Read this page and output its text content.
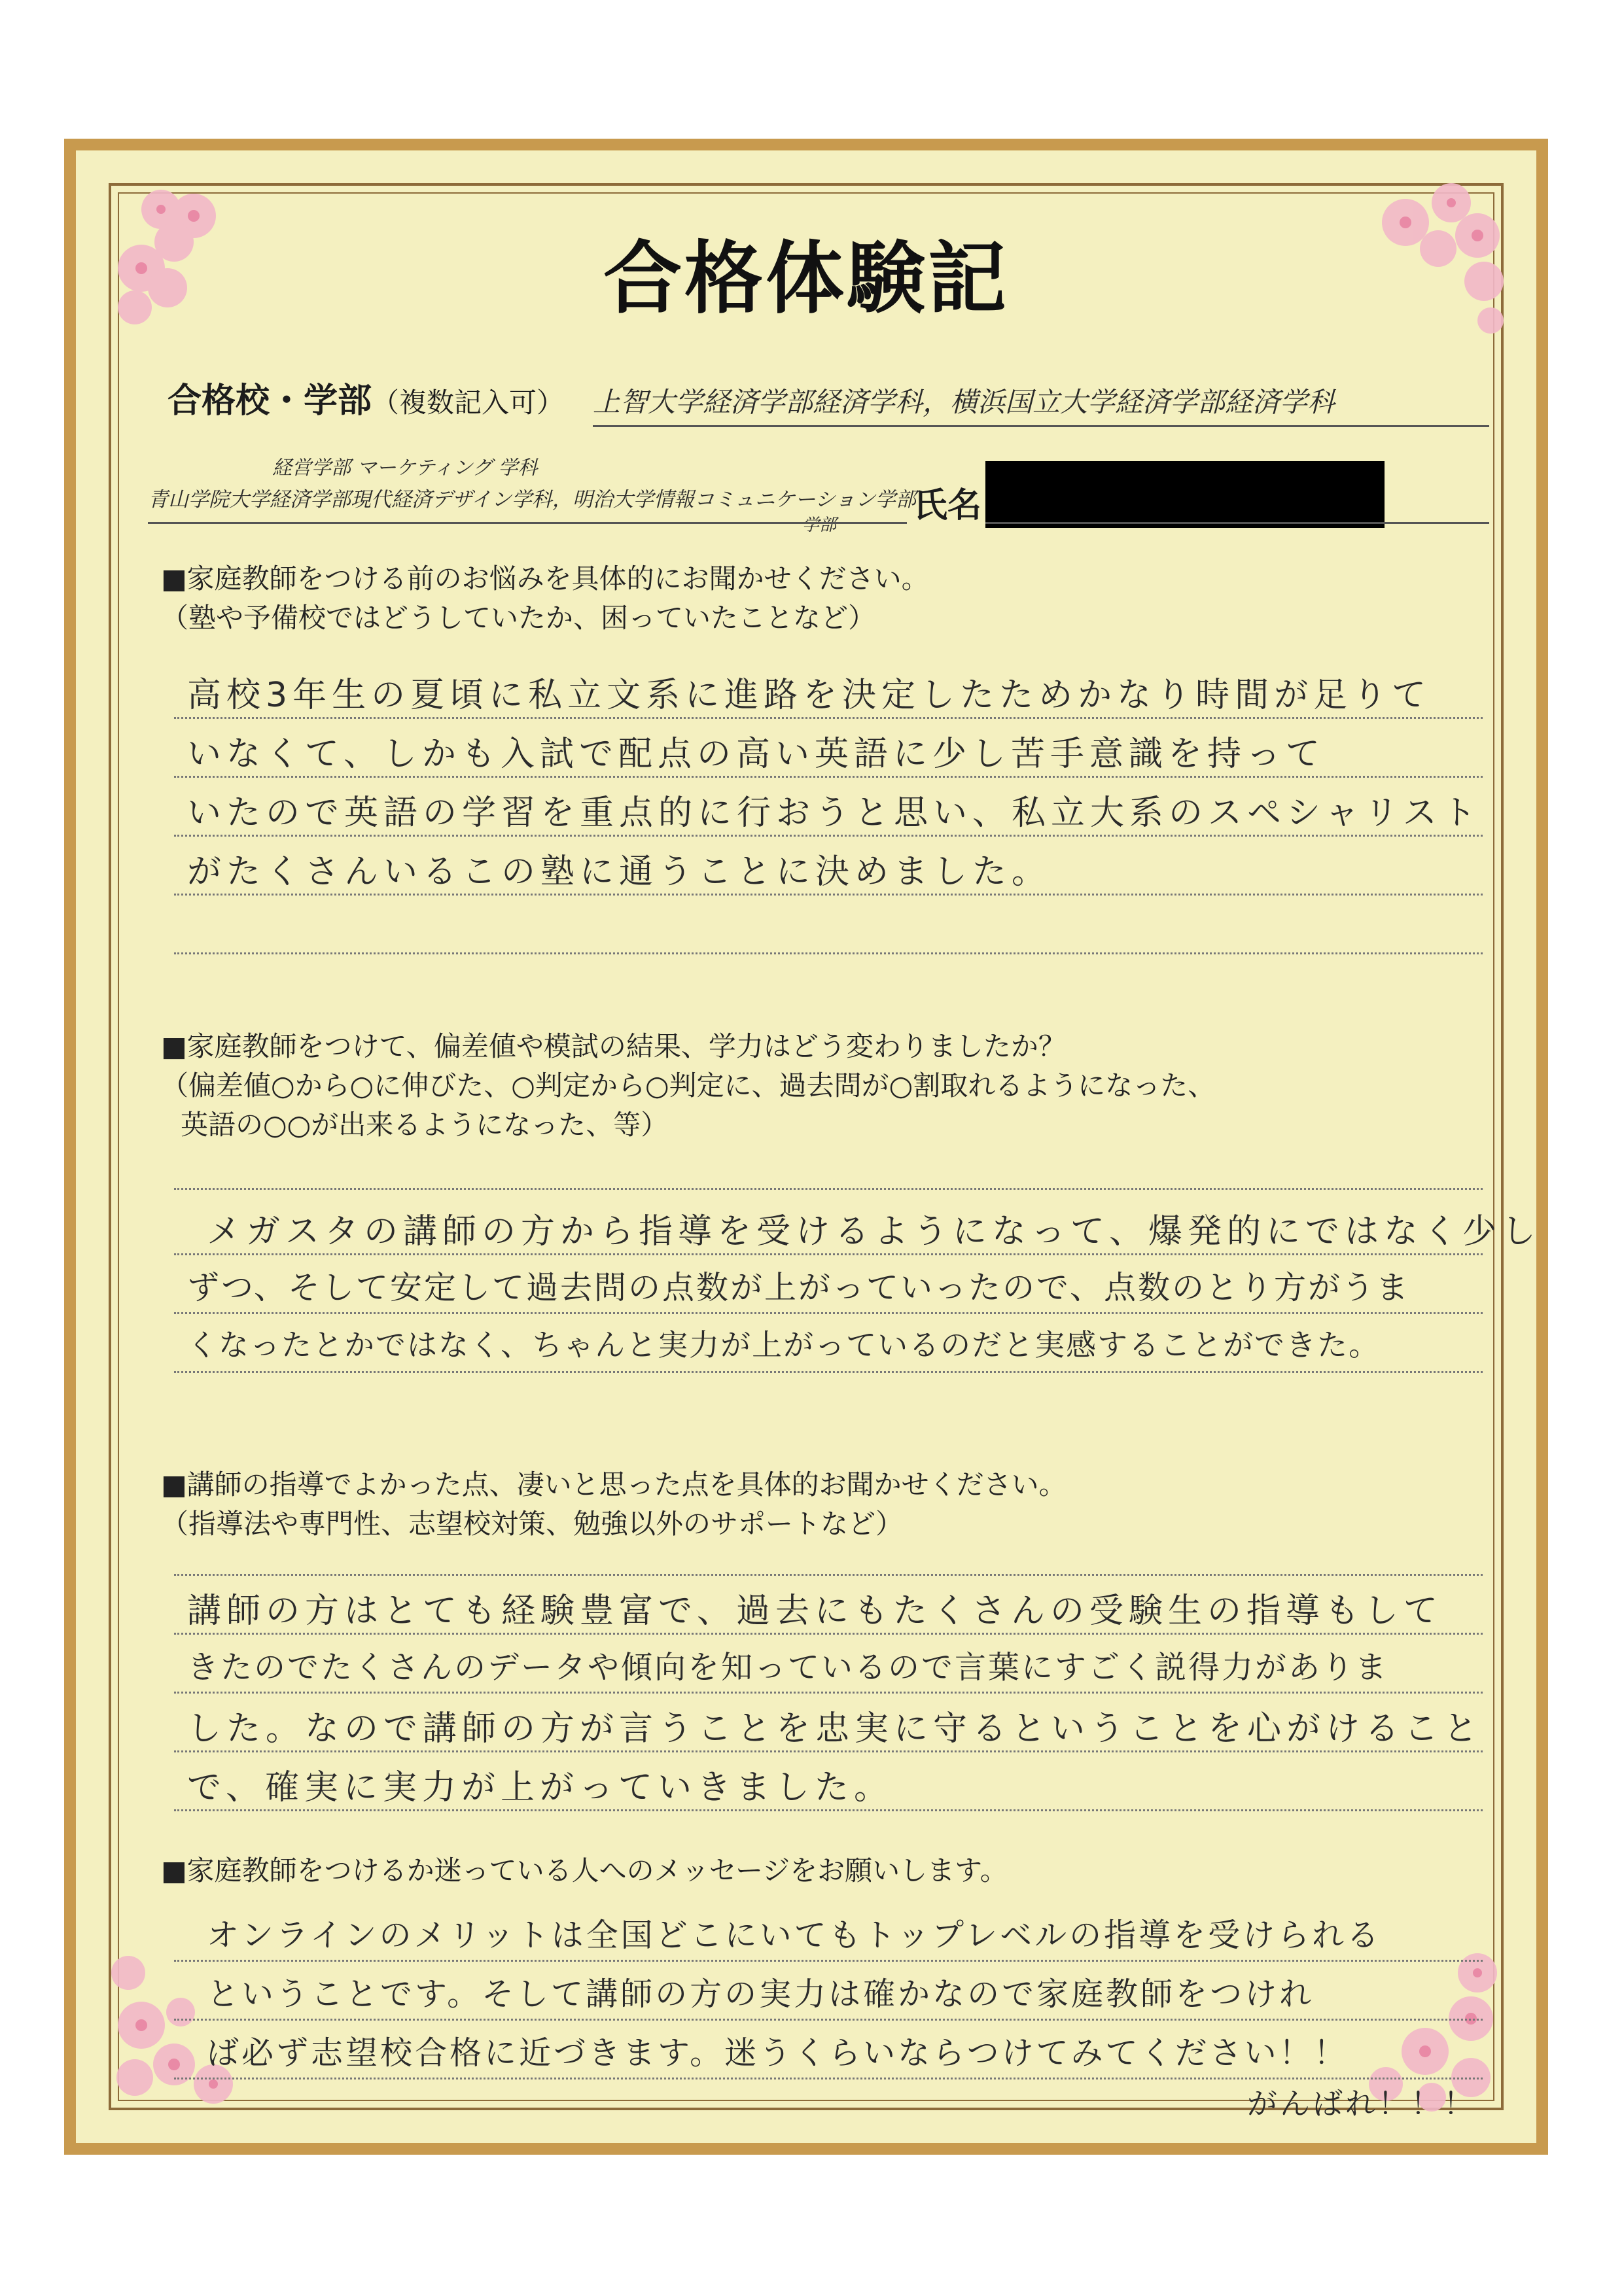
合格体験記
合格校・学部（複数記入可） 上智大学経済学部経済学科，横浜国立大学経済学部経済学科
経営学部 マーケティング 学科
青山学院大学経済学部現代経済デザイン学科，明治大学情報コミュニケーション学部
学部 氏名
■家庭教師をつける前のお悩みを具体的にお聞かせください。
（塾や予備校ではどうしていたか、困っていたことなど）
高校3年生の夏頃に私立文系に進路を決定したためかなり時間が足りて
いなくて、しかも入試で配点の高い英語に少し苦手意識を持って
いたので英語の学習を重点的に行おうと思い、私立大系のスペシャリスト
がたくさんいるこの塾に通うことに決めました。
■家庭教師をつけて、偏差値や模試の結果、学力はどう変わりましたか？
（偏差値○から○に伸びた、○判定から○判定に、過去問が○割取れるようになった、
英語の○○が出来るようになった、等）
メガスタの講師の方から指導を受けるようになって、爆発的にではなく少し
ずつ、そして安定して過去問の点数が上がっていったので、点数のとり方がうま
くなったとかではなく、ちゃんと実力が上がっているのだと実感することができた。
■講師の指導でよかった点、凄いと思った点を具体的お聞かせください。
（指導法や専門性、志望校対策、勉強以外のサポートなど）
講師の方はとても経験豊富で、過去にもたくさんの受験生の指導もして
きたのでたくさんのデータや傾向を知っているので言葉にすごく説得力がありま
した。なので講師の方が言うことを忠実に守るということを心がけること
で、確実に実力が上がっていきました。
■家庭教師をつけるか迷っている人へのメッセージをお願いします。
オンラインのメリットは全国どこにいてもトップレベルの指導を受けられる
ということです。そして講師の方の実力は確かなので家庭教師をつけれ
ば必ず志望校合格に近づきます。迷うくらいならつけてみてください！！
がんばれ！！！
